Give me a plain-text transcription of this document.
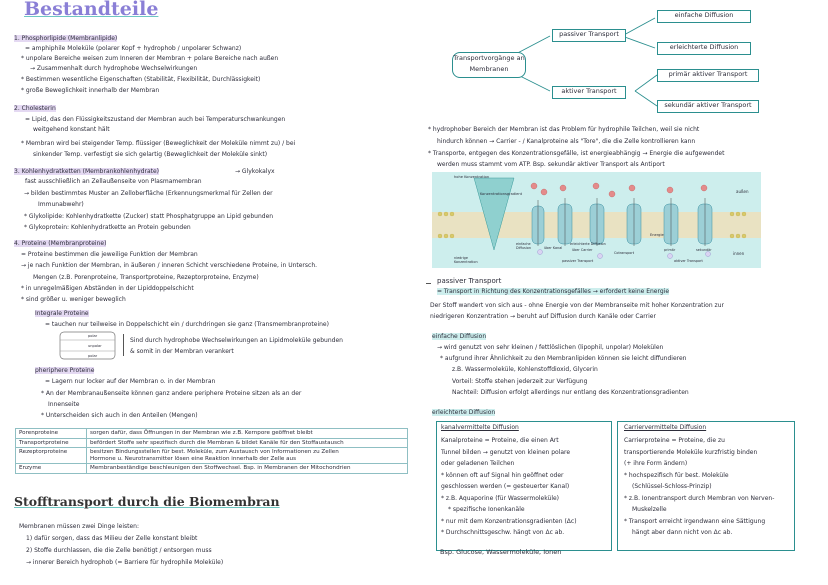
Bestandteile
1. Phosphorlipide (Membranlipide)
= amphiphile Moleküle (polarer Kopf + hydrophob / unpolarer Schwanz)
* unpolare Bereiche weisen zum Inneren der Membran + polare Bereiche nach außen
→ Zusammenhalt durch hydrophobe Wechselwirkungen
* Bestimmen wesentliche Eigenschaften (Stabilität, Flexibilität, Durchlässigkeit)
* große Beweglichkeit innerhalb der Membran
2. Cholesterin
= Lipid, das den Flüssigkeitszustand der Membran auch bei Temperaturschwankungen
weitgehend konstant hält
* Membran wird bei steigender Temp. flüssiger (Beweglichkeit der Moleküle nimmt zu) / bei
sinkender Temp. verfestigt sie sich gelartig (Beweglichkeit der Moleküle sinkt)
3. Kohlenhydratketten (Membrankohlenhydrate)	→ Glykokalyx
fast ausschließlich an Zellaußenseite von Plasmamembran
→ bilden bestimmtes Muster an Zelloberfläche (Erkennungsmerkmal für Zellen der
Immunabwehr)
* Glykolipide: Kohlenhydratkette (Zucker) statt Phosphatgruppe an Lipid gebunden
* Glykoprotein: Kohlenhydratkette an Protein gebunden
4. Proteine (Membranproteine)
= Proteine bestimmen die jeweilige Funktion der Membran
→ je nach Funktion der Membran, in äußeren / inneren Schicht verschiedene Proteine, in Untersch.
Mengen (z.B. Porenproteine, Transportproteine, Rezeptorproteine, Enzyme)
* in unregelmäßigen Abständen in der Lipiddoppelschicht
* sind größer u. weniger beweglich
Integrale Proteine
= tauchen nur teilweise in Doppelschicht ein / durchdringen sie ganz (Transmembranproteine)
polar
unpolar
polar
Sind durch hydrophobe Wechselwirkungen an Lipidmoleküle gebunden
& somit in der Membran verankert
pheriphere Proteine
= Lagern nur locker auf der Membran o. in der Membran
* An der Membranaußenseite können ganz andere periphere Proteine sitzen als an der
Innenseite
* Unterscheiden sich auch in den Anteilen (Mengen)
Porenproteine	sorgen dafür, dass Öffnungen in der Membran wie z.B. Kernpore geöffnet bleibt
Transportproteine	befördert Stoffe sehr spezifisch durch die Membran & bildet Kanäle für den Stoffaustausch
Rezeptorproteine	besitzen Bindungsstellen für best. Moleküle, zum Austausch von Informationen zu Zellen
Hormone u. Neurotransmitter lösen eine Reaktion innerhalb der Zelle aus
Enzyme	Membranbeständige beschleunigen den Stoffwechsel. Bsp. in Membranen der Mitochondrien
Stofftransport durch die Biomembran
Membranen müssen zwei Dinge leisten:
1) dafür sorgen, dass das Milieu der Zelle konstant bleibt
2) Stoffe durchlassen, die die Zelle benötigt / entsorgen muss
→ innerer Bereich hydrophob (= Barriere für hydrophile Moleküle)
Transportvorgänge an Membranen
passiver Transport
aktiver Transport
einfache Diffusion
erleichterte Diffusion
primär aktiver Transport
sekundär aktiver Transport
* hydrophober Bereich der Membran ist das Problem für hydrophile Teilchen, weil sie nicht
hindurch können → Carrier - / Kanalproteine als "Tore", die die Zelle kontrollieren kann
* Transporte, entgegen des Konzentrationsgefälle, ist energieabhängig → Energie die aufgewendet
werden muss stammt vom ATP. Bsp. sekundär aktiver Transport als Antiport
hohe Konzentration
Konzentrationsgradient	außen
innen
Energie
niedrige Konzentration
einfache Diffusion	über Kanal
erleichterte Diffusion
über Carrier
Cotransport
primär	sekundär
passiver Transport	aktiver Transport
passiver Transport
= Transport in Richtung des Konzentrationsgefälles → erfordert keine Energie
Der Stoff wandert von sich aus - ohne Energie von der Membranseite mit hoher Konzentration zur
niedrigeren Konzentration → beruht auf Diffusion durch Kanäle oder Carrier
einfache Diffusion
→ wird genutzt von sehr kleinen / fettlöslichen (lipophil, unpolar) Molekülen
* aufgrund ihrer Ähnlichkeit zu den Membranlipiden können sie leicht diffundieren
z.B. Wassermoleküle, Kohlenstoffdioxid, Glycerin
Vorteil: Stoffe stehen jederzeit zur Verfügung
Nachteil: Diffusion erfolgt allerdings nur entlang des Konzentrationsgradienten
erleichterte Diffusion
kanalvermittelte Diffusion
Kanalproteine = Proteine, die einen Art
Tunnel bilden → genutzt von kleinen polare
oder geladenen Teilchen
* können oft auf Signal hin geöffnet oder
geschlossen werden (= gesteuerter Kanal)
* z.B. Aquaporine (für Wassermoleküle)
* spezifische Ionenkanäle
* nur mit dem Konzentrationsgradienten (Δc)
* Durchschnittsgeschw. hängt von Δc ab.
Carriervermittelte Diffusion
Carrierproteine = Proteine, die zu
transportierende Moleküle kurzfristig binden
(+ ihre Form ändern)
* hochspezifisch für best. Moleküle
(Schlüssel-Schloss-Prinzip)
* z.B. Ionentransport durch Membran von Nerven-
Muskelzelle
* Transport erreicht irgendwann eine Sättigung
hängt aber dann nicht von Δc ab.
Bsp. Glucose, Wassermoleküle, Ionen
